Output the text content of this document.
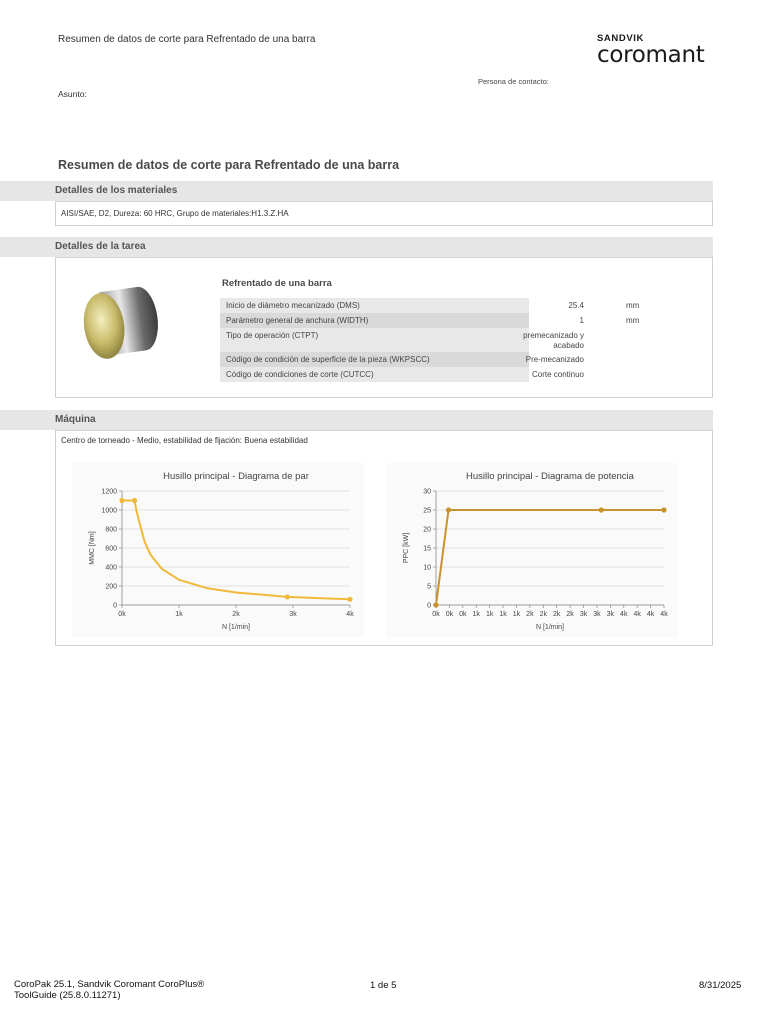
Resumen de datos de corte para Refrentado de una barra	SANDVIK
coromant
Persona de contacto:
Asunto:
Resumen de datos de corte para Refrentado de una barra
Detalles de los materiales
AISI/SAE, D2, Dureza: 60 HRC, Grupo de materiales:H1.3.Z.HA
Detalles de la tarea
Refrentado de una barra
Inicio de diámetro mecanizado (DMS)	25.4	mm
Parámetro general de anchura (WIDTH)	1	mm
Tipo de operación (CTPT)	premecanizado y acabado
Código de condición de superficie de la pieza (WKPSCC)	Pre-mecanizado
Código de condiciones de corte (CUTCC)	Corte continuo
Máquina
Centro de torneado - Medio, estabilidad de fijación: Buena estabilidad
Husillo principal - Diagrama de par
0
200
400
600
800
1000
1200
0k	1k	2k	3k	4k
N [1/min]
MMC [Nm]
Husillo principal - Diagrama de potencia
0
5
10
15
20
25
30
0k 0k 0k 1k 1k 1k 1k 2k 2k 2k 2k 3k 3k 3k 4k 4k 4k 4k
N [1/min]
PPC [kW]
CoroPak 25.1, Sandvik Coromant CoroPlus®
ToolGuide (25.8.0.11271)
1 de 5	8/31/2025
